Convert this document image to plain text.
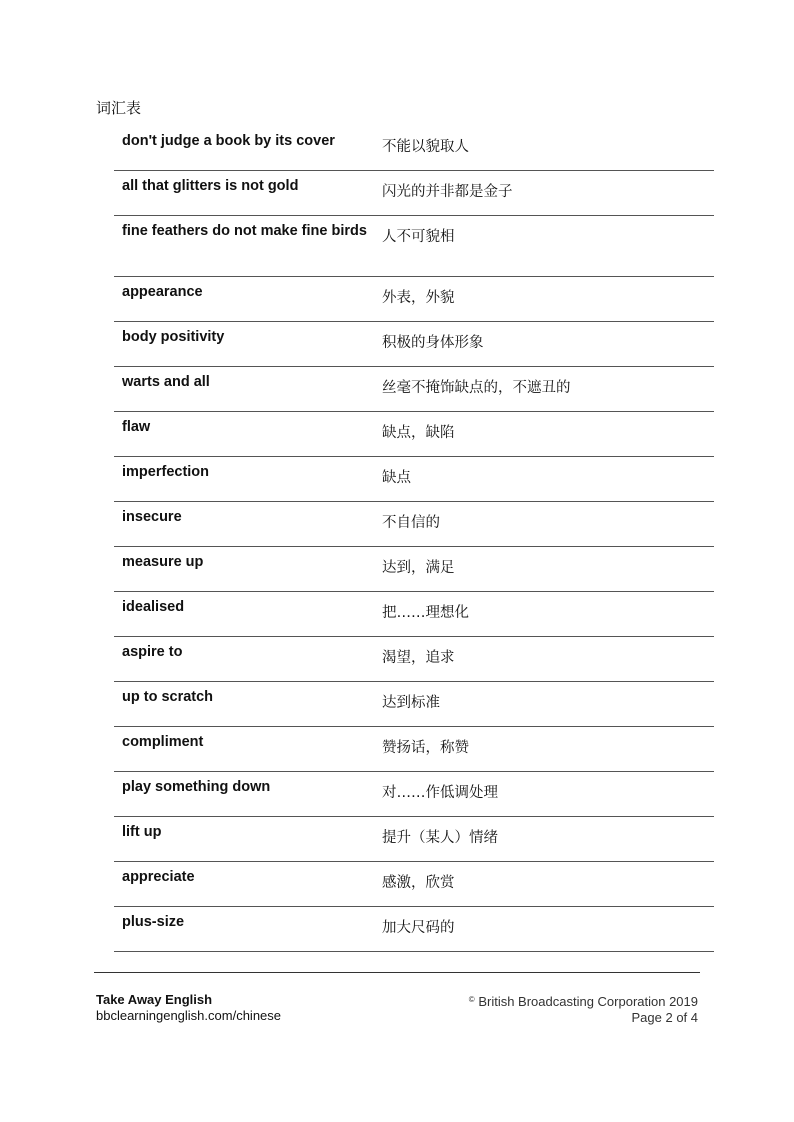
词汇表
don't judge a book by its cover	不能以貌取人
all that glitters is not gold	闪光的并非都是金子
fine feathers do not make fine birds	人不可貌相
appearance	外表，外貌
body positivity	积极的身体形象
warts and all	丝毫不掩饰缺点的，不遮丑的
flaw	缺点，缺陷
imperfection	缺点
insecure	不自信的
measure up	达到，满足
idealised	把……理想化
aspire to	渴望，追求
up to scratch	达到标准
compliment	赞扬话，称赞
play something down	对……作低调处理
lift up	提升（某人）情绪
appreciate	感激，欣赏
plus-size	加大尺码的
Take Away English
bbclearningenglish.com/chinese
© British Broadcasting Corporation 2019
Page 2 of 4
